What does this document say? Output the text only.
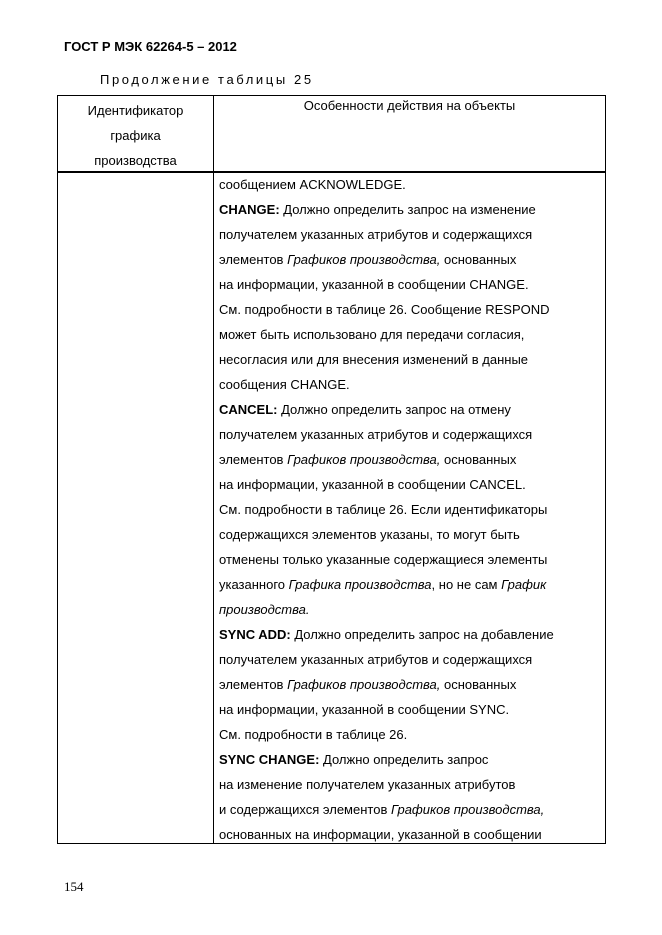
ГОСТ Р МЭК 62264-5 – 2012
Продолжение таблицы 25
Идентификатор
графика
производства
Особенности действия на объекты
сообщением ACKNOWLEDGE.
CHANGE: Должно определить запрос на изменение
получателем указанных атрибутов и содержащихся
элементов Графиков производства, основанных
на информации, указанной в сообщении CHANGE.
См. подробности в таблице 26. Сообщение RESPOND
может быть использовано для передачи согласия,
несогласия или для внесения изменений в данные
сообщения CHANGE.
CANCEL: Должно определить запрос на отмену
получателем указанных атрибутов и содержащихся
элементов Графиков производства, основанных
на информации, указанной в сообщении CANCEL.
См. подробности в таблице 26. Если идентификаторы
содержащихся элементов указаны, то могут быть
отменены только указанные содержащиеся элементы
указанного Графика производства, но не сам График
производства.
SYNC ADD: Должно определить запрос на добавление
получателем указанных атрибутов и содержащихся
элементов Графиков производства, основанных
на информации, указанной в сообщении SYNC.
См. подробности в таблице 26.
SYNC CHANGE: Должно определить запрос
на изменение получателем указанных атрибутов
и содержащихся элементов Графиков производства,
основанных на информации, указанной в сообщении
154
